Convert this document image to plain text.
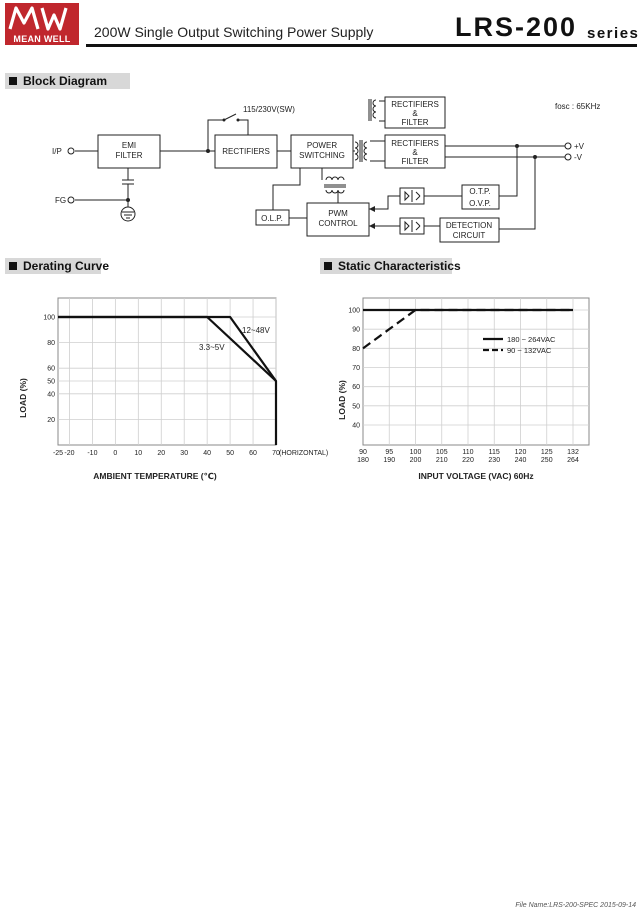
MEAN WELL	200W Single Output Switching Power Supply	LRS-200 series
Block Diagram
EMI
FILTER	RECTIFIERS
POWER
SWITCHING
RECTIFIERS
&
FILTER
RECTIFIERS
&
FILTER
PWM
CONTROL
O.L.P.
O.T.P.
O.V.P.
DETECTION
CIRCUIT
I/P
FG
115/230V(SW)	fosc : 65KHz
+V
-V
Derating Curve
-25 -20 -10 0 10 20 30 40 50 60 70
20
40
50
60
80
100
12~48V
3.3~5V
(HORIZONTAL)
AMBIENT TEMPERATURE (℃)
LOAD (%)
Static Characteristics
90
180
95
190
100
200
105
210
110
220
115
230
120
240
125
250
132
264
40
50
60
70
80
90
100
180 ~ 264VAC
90 ~ 132VAC
INPUT VOLTAGE (VAC) 60Hz
LOAD (%)
File Name:LRS-200-SPEC 2015-09-14
